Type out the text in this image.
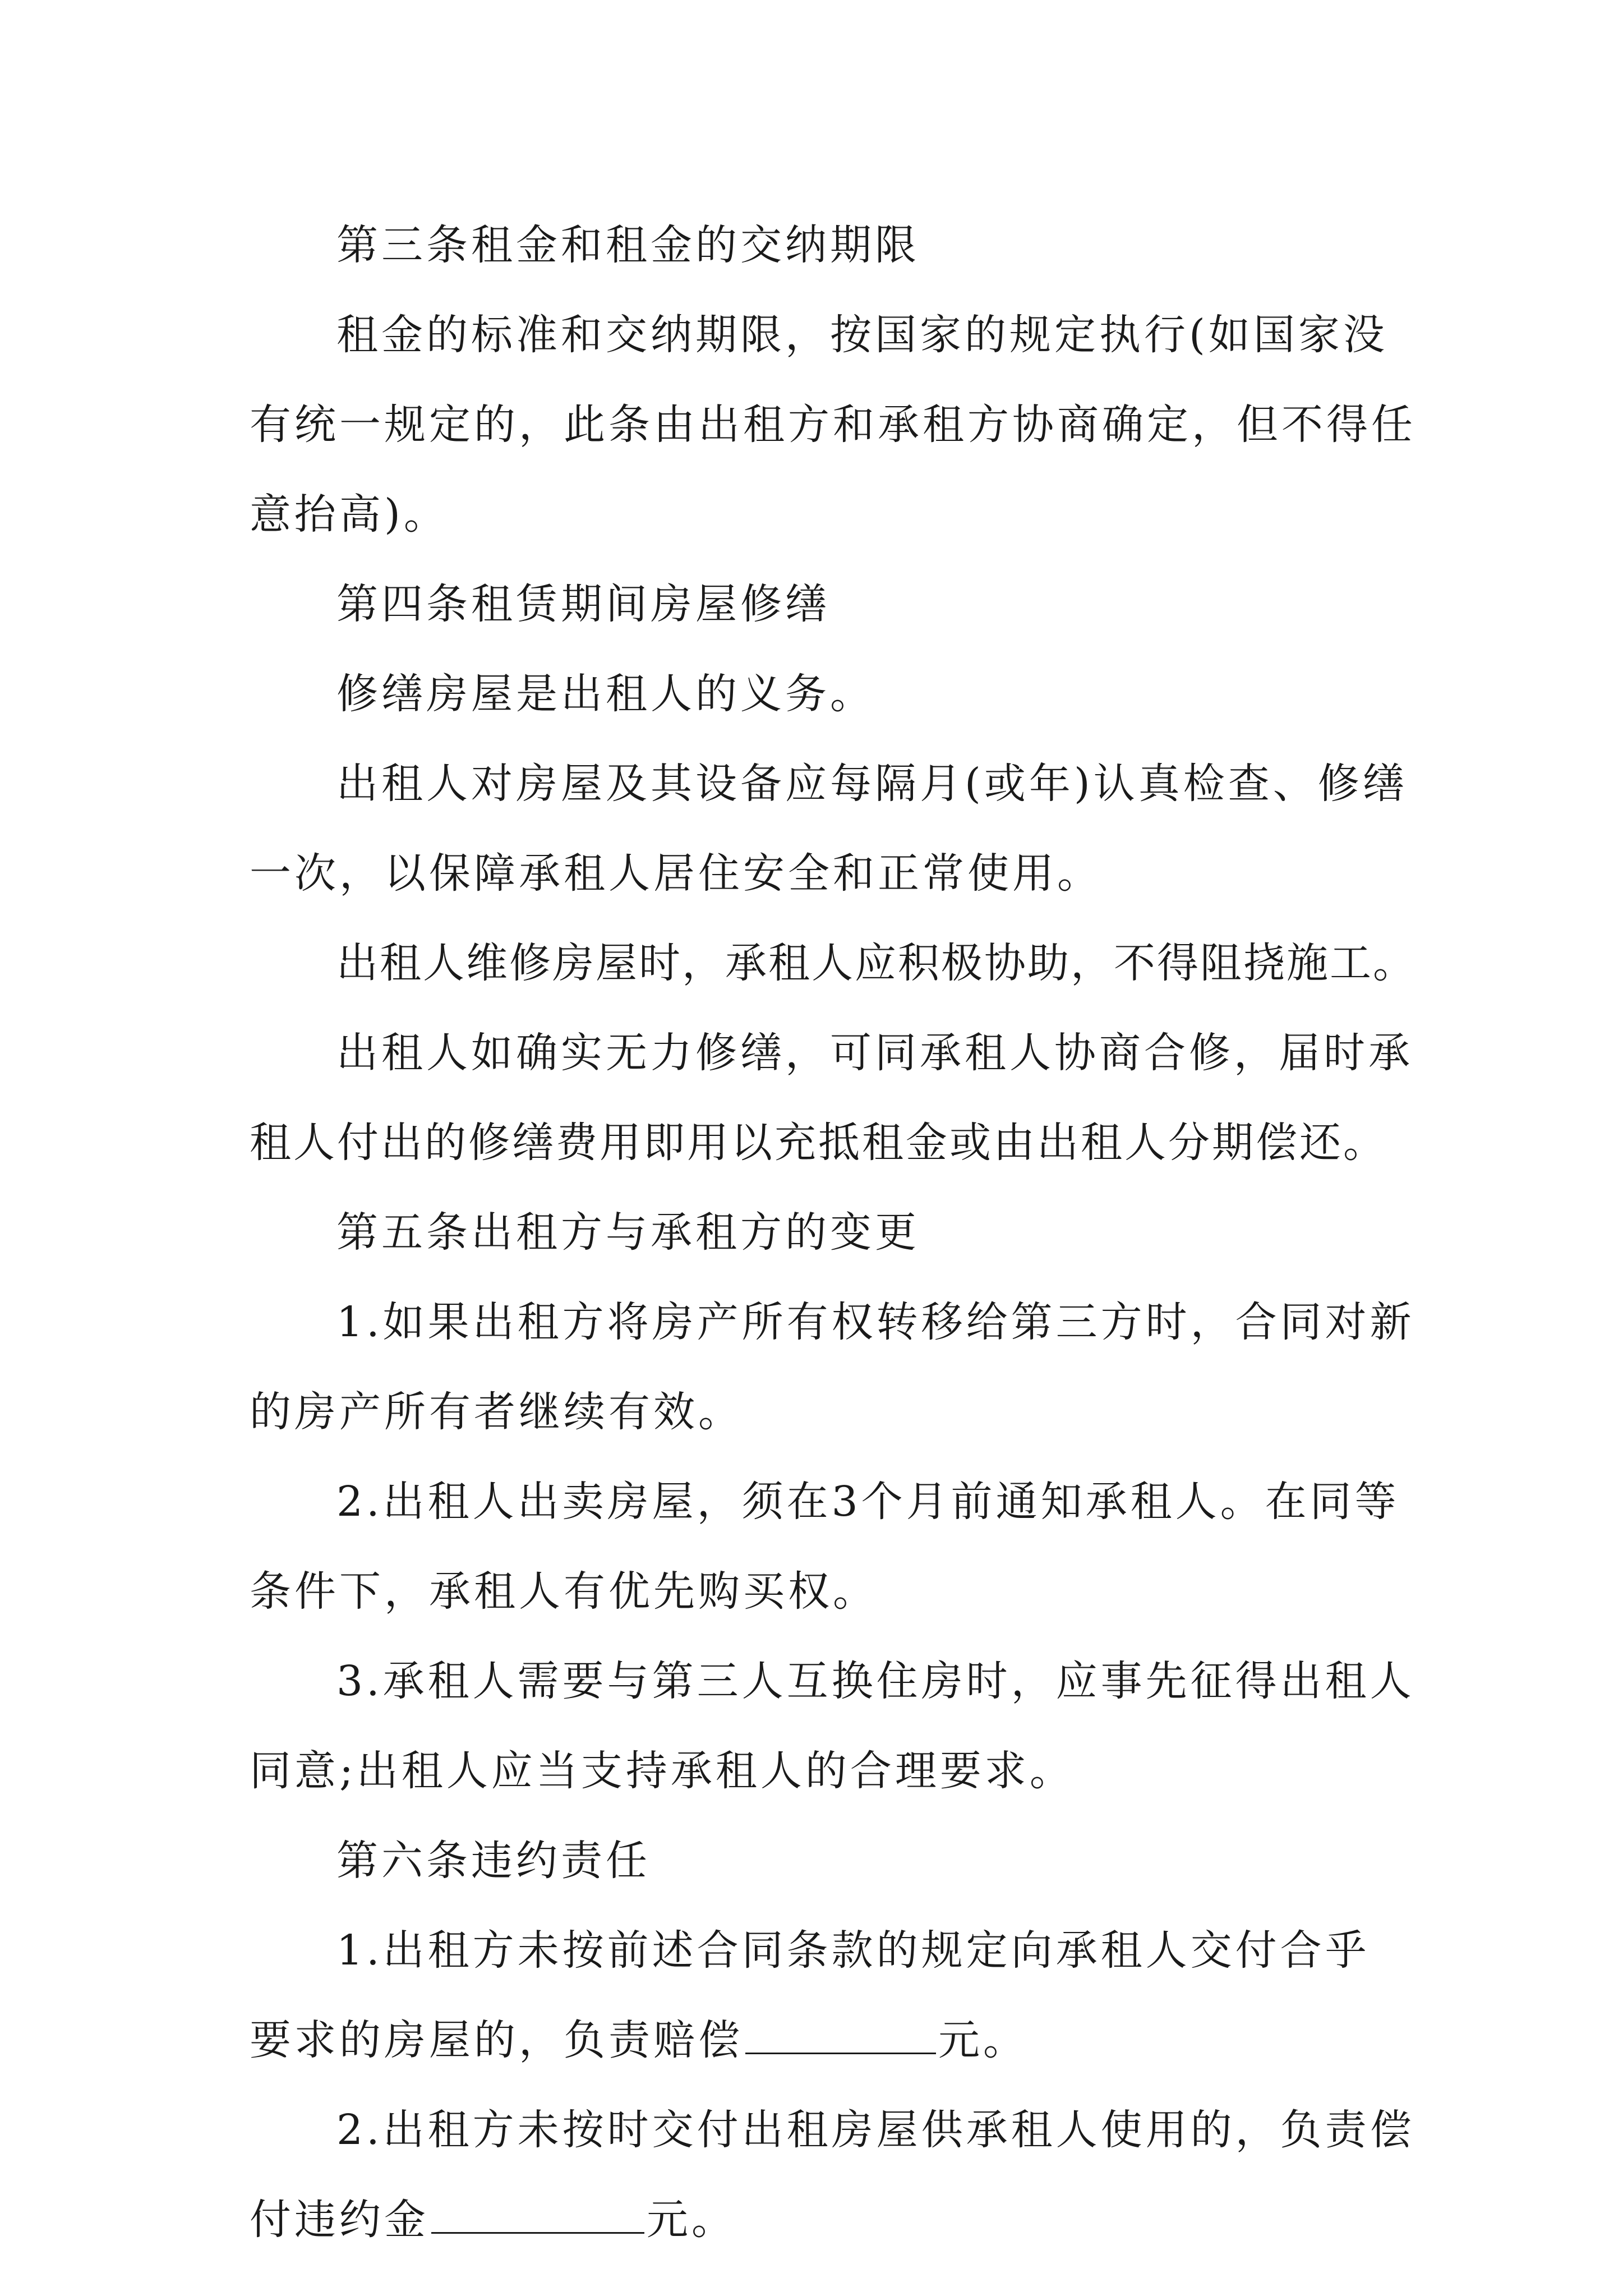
第三条租金和租金的交纳期限
租金的标准和交纳期限，按国家的规定执行(如国家没
有统一规定的，此条由出租方和承租方协商确定，但不得任
意抬高)。
第四条租赁期间房屋修缮
修缮房屋是出租人的义务。
出租人对房屋及其设备应每隔月(或年)认真检查、修缮
一次，以保障承租人居住安全和正常使用。
出租人维修房屋时，承租人应积极协助，不得阻挠施工。
出租人如确实无力修缮，可同承租人协商合修，届时承
租人付出的修缮费用即用以充抵租金或由出租人分期偿还。
第五条出租方与承租方的变更
1.如果出租方将房产所有权转移给第三方时，合同对新
的房产所有者继续有效。
2.出租人出卖房屋，须在3个月前通知承租人。在同等
条件下，承租人有优先购买权。
3.承租人需要与第三人互换住房时，应事先征得出租人
同意;出租人应当支持承租人的合理要求。
第六条违约责任
1.出租方未按前述合同条款的规定向承租人交付合乎
要求的房屋的，负责赔偿	元。
2.出租方未按时交付出租房屋供承租人使用的，负责偿
付违约金	元。
